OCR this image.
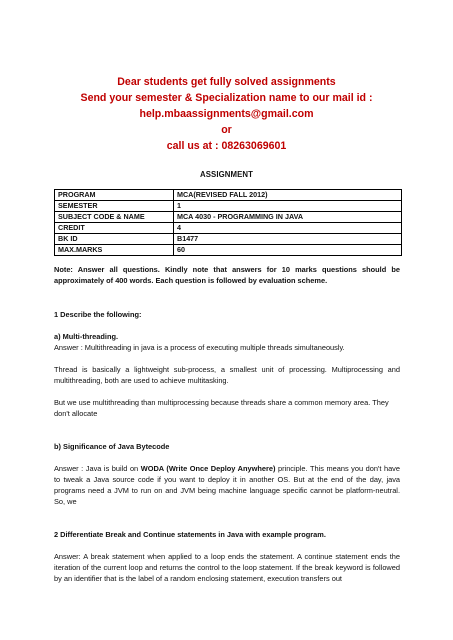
Dear students get fully solved assignments
Send your semester & Specialization name to our mail id :
help.mbaassignments@gmail.com
or
call us at : 08263069601
ASSIGNMENT
PROGRAM	MCA(REVISED FALL 2012)
SEMESTER	1
SUBJECT CODE & NAME	MCA 4030 - PROGRAMMING IN JAVA
CREDIT	4
BK ID	B1477
MAX.MARKS	60

Note: Answer all questions. Kindly note that answers for 10 marks questions should be approximately of 400 words. Each question is followed by evaluation scheme.

1 Describe the following:

a) Multi-threading.

Answer : Multithreading in java is a process of executing multiple threads simultaneously.

Thread is basically a lightweight sub-process, a smallest unit of processing. Multiprocessing and multithreading, both are used to achieve multitasking.

But we use multithreading than multiprocessing because threads share a common memory area. They don't allocate

b) Significance of Java Bytecode

Answer : Java is build on WODA (Write Once Deploy Anywhere) principle. This means you don't have to tweak a Java source code if you want to deploy it in another OS. But at the end of the day, java programs need a JVM to run on and JVM being machine language specific cannot be platform-neutral. So, we

2 Differentiate Break and Continue statements in Java with example program.

Answer: A break statement when applied to a loop ends the statement. A continue statement ends the iteration of the current loop and returns the control to the loop statement. If the break keyword is followed by an identifier that is the label of a random enclosing statement, execution transfers out
